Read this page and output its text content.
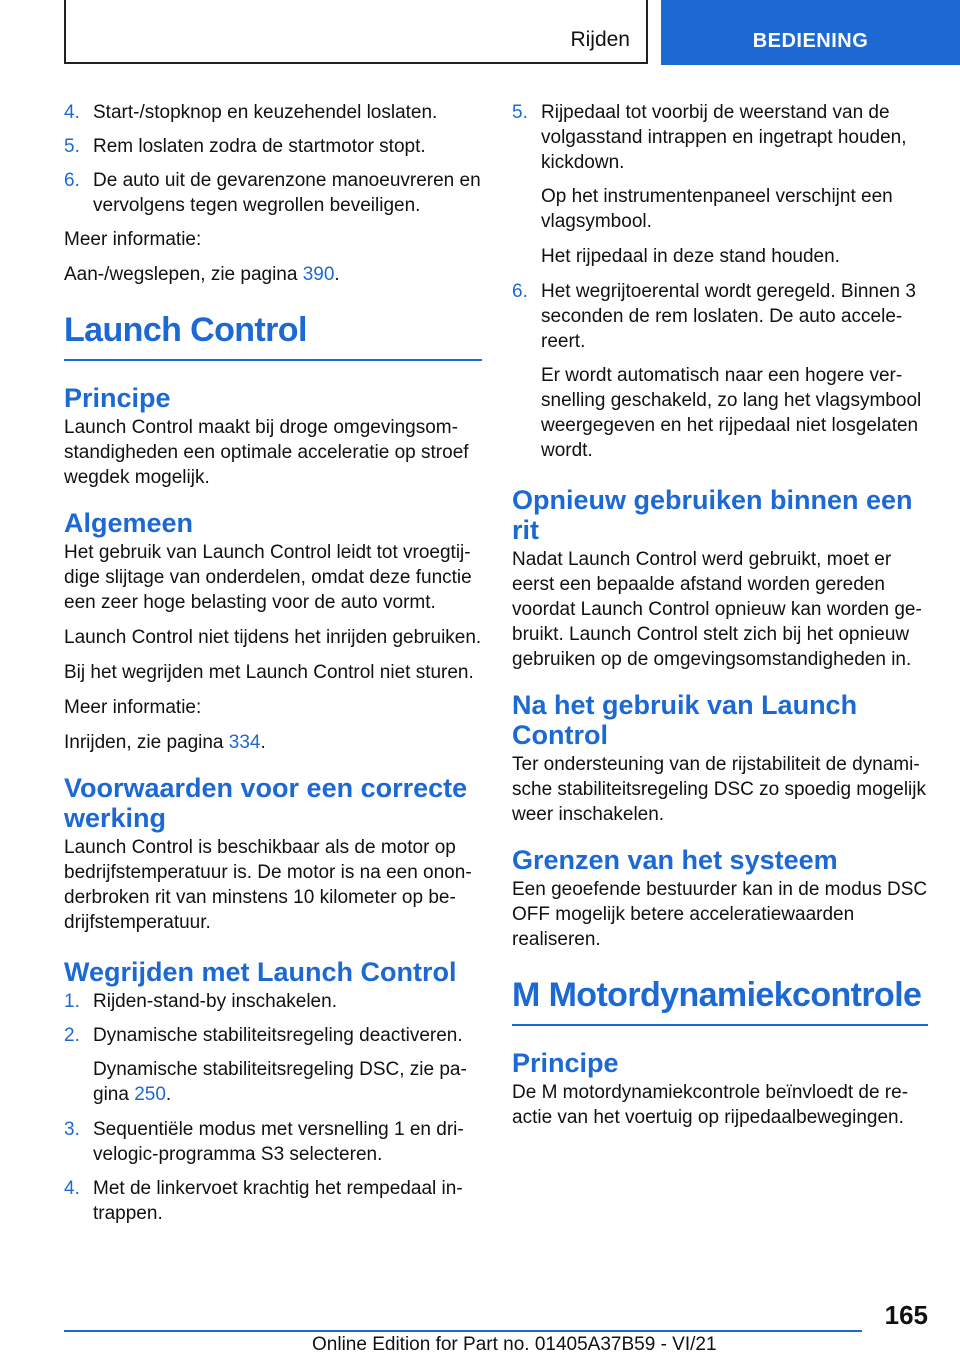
Rijden	BEDIENING
4. Start-/stopknop en keuzehendel loslaten.
5. Rem loslaten zodra de startmotor stopt.
6. De auto uit de gevarenzone manoeuvreren en vervolgens tegen wegrollen beveiligen.

Meer informatie:

Aan-/wegslepen, zie pagina 390.

Launch Control
Principe

Launch Control maakt bij droge omgevingsomstandigheden een optimale acceleratie op stroef wegdek mogelijk.

Algemeen

Het gebruik van Launch Control leidt tot vroegtijdige slijtage van onderdelen, omdat deze functie een zeer hoge belasting voor de auto vormt.

Launch Control niet tijdens het inrijden gebruiken.

Bij het wegrijden met Launch Control niet sturen.

Meer informatie:

Inrijden, zie pagina 334.

Voorwaarden voor een correcte werking

Launch Control is beschikbaar als de motor op bedrijfstemperatuur is. De motor is na een ononderbroken rit van minstens 10 kilometer op bedrijfstemperatuur.

Wegrijden met Launch Control
1. Rijden-stand-by inschakelen.
2. Dynamische stabiliteitsregeling deactiveren.

Dynamische stabiliteitsregeling DSC, zie pagina 250.

3. Sequentiële modus met versnelling 1 en drivelogic-programma S3 selecteren.
4. Met de linkervoet krachtig het rempedaal intrappen.
5. Rijpedaal tot voorbij de weerstand van de volgasstand intrappen en ingetrapt houden, kickdown.

Op het instrumentenpaneel verschijnt een vlagsymbool.

Het rijpedaal in deze stand houden.

6. Het wegrijtoerental wordt geregeld. Binnen 3 seconden de rem loslaten. De auto accelereert.

Er wordt automatisch naar een hogere versnelling geschakeld, zo lang het vlagsymbool weergegeven en het rijpedaal niet losgelaten wordt.

Opnieuw gebruiken binnen een rit

Nadat Launch Control werd gebruikt, moet er eerst een bepaalde afstand worden gereden voordat Launch Control opnieuw kan worden gebruikt. Launch Control stelt zich bij het opnieuw gebruiken op de omgevingsomstandigheden in.

Na het gebruik van Launch Control

Ter ondersteuning van de rijstabiliteit de dynamische stabiliteitsregeling DSC zo spoedig mogelijk weer inschakelen.

Grenzen van het systeem

Een geoefende bestuurder kan in de modus DSC OFF mogelijk betere acceleratiewaarden realiseren.

M Motordynamiekcontrole
Principe

De M motordynamiekcontrole beïnvloedt de reactie van het voertuig op rijpedaalbewegingen.

165
Online Edition for Part no. 01405A37B59 - VI/21
